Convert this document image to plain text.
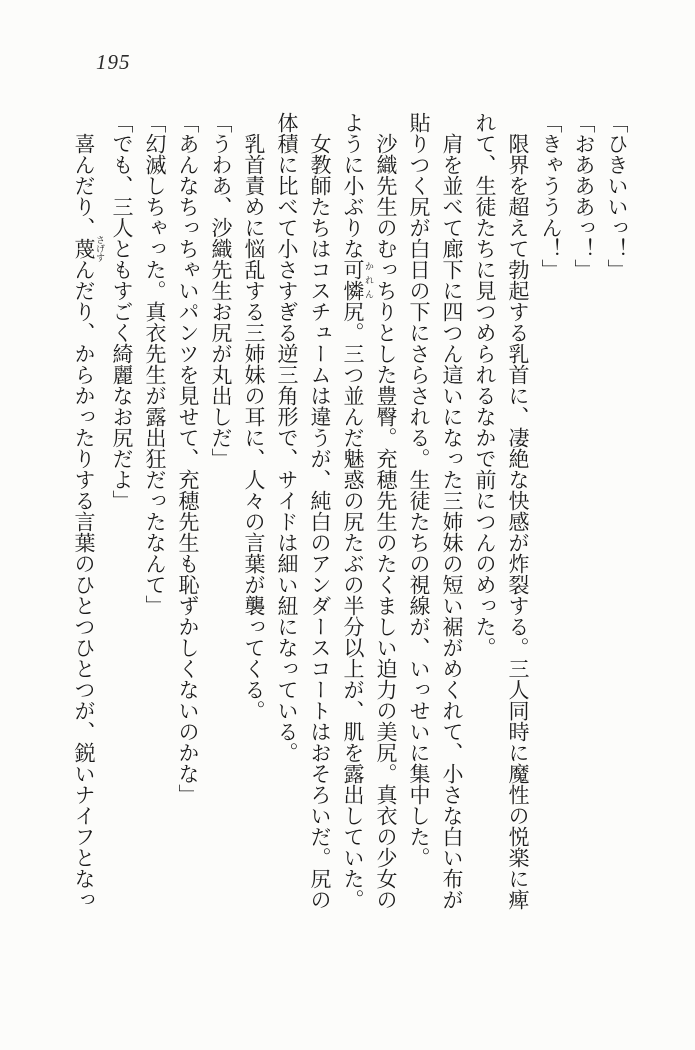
195

「ひきいいっ！」

「おあああっ！」

「きゃううん！」

限界を超えて勃起する乳首に、凄絶な快感が炸裂する。三人同時に魔性の悦楽に痺れて、生徒たちに見つめられるなかで前につんのめった。

肩を並べて廊下に四つん這いになった三姉妹の短い裾がめくれて、小さな白い布が貼りつく尻が白日の下にさらされる。生徒たちの視線が、いっせいに集中した。

沙織先生のむっちりとした豊臀。充穂先生のたくましい迫力の美尻。真衣の少女のように小ぶりな可憐 かれん尻。三つ並んだ魅惑の尻たぶの半分以上が、肌を露出していた。

女教師たちはコスチュームは違うが、純白のアンダースコートはおそろいだ。尻の体積に比べて小さすぎる逆三角形で、サイドは細い紐になっている。

乳首責めに悩乱する三姉妹の耳に、人々の言葉が襲ってくる。

「うわあ、沙織先生お尻が丸出しだ」

「あんなちっちゃいパンツを見せて、充穂先生も恥ずかしくないのかな」

「幻滅しちゃった。真衣先生が露出狂だったなんて」

「でも、三人ともすごく綺麗なお尻だよ」

喜んだり、蔑 さげすんだり、からかったりする言葉のひとつひとつが、鋭いナイフとなっ
